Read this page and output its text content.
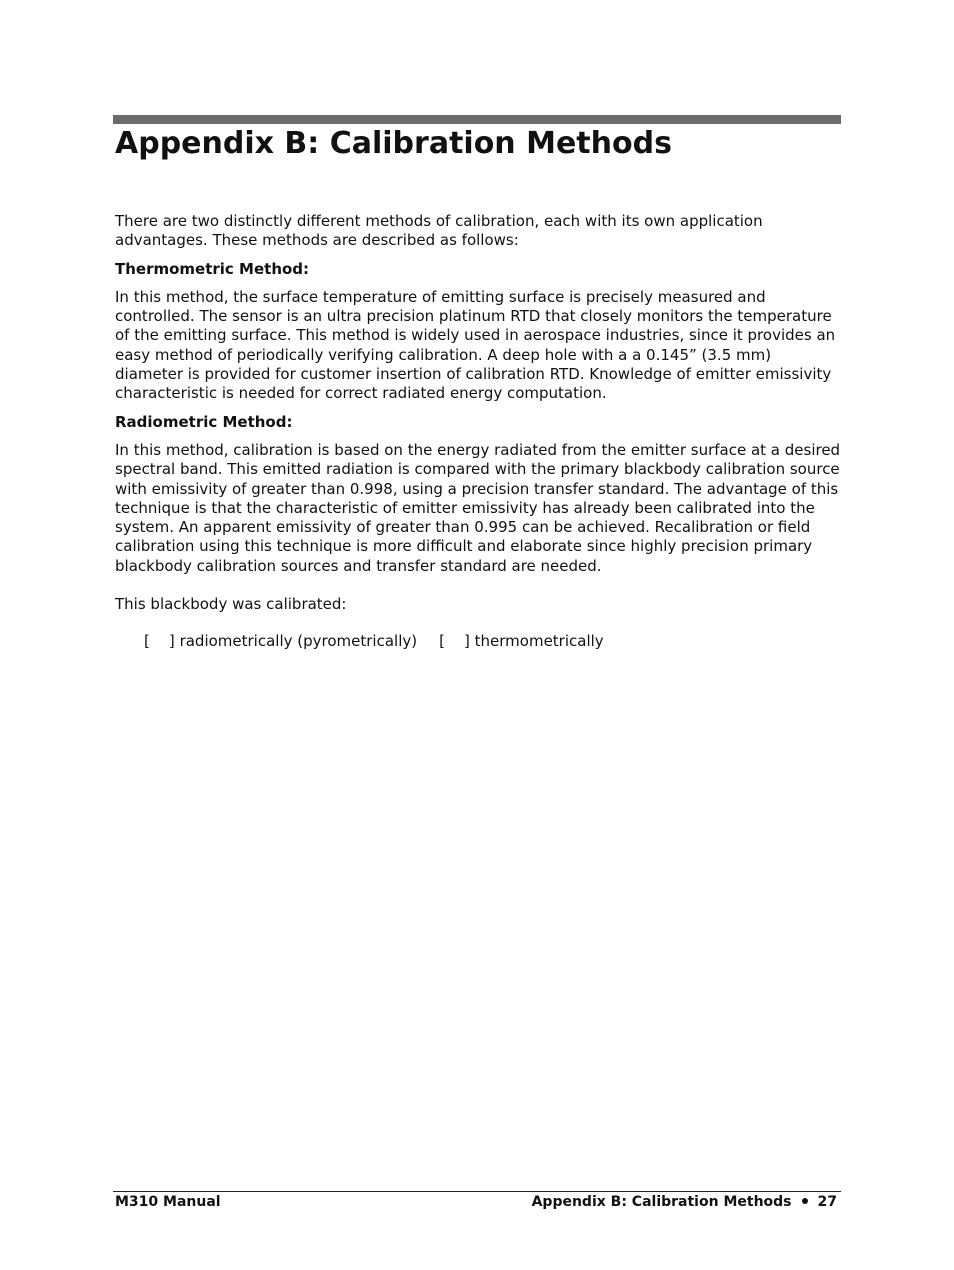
Appendix B: Calibration Methods

There are two distinctly different methods of calibration, each with its own application advantages. These methods are described as follows:

Thermometric Method:

In this method, the surface temperature of emitting surface is precisely measured and controlled. The sensor is an ultra precision platinum RTD that closely monitors the temperature of the emitting surface. This method is widely used in aerospace industries, since it provides an easy method of periodically verifying calibration. A deep hole with a a 0.145” (3.5 mm) diameter is provided for customer insertion of calibration RTD. Knowledge of emitter emissivity characteristic is needed for correct radiated energy computation.

Radiometric Method:

In this method, calibration is based on the energy radiated from the emitter surface at a desired spectral band. This emitted radiation is compared with the primary blackbody calibration source with emissivity of greater than 0.998, using a precision transfer standard. The advantage of this technique is that the characteristic of emitter emissivity has already been calibrated into the system. An apparent emissivity of greater than 0.995 can be achieved. Recalibration or field calibration using this technique is more difficult and elaborate since highly precision primary blackbody calibration sources and transfer standard are needed.

This blackbody was calibrated:

[    ] radiometrically (pyrometrically) [    ] thermometrically
M310 Manual	Appendix B: Calibration Methods 27
